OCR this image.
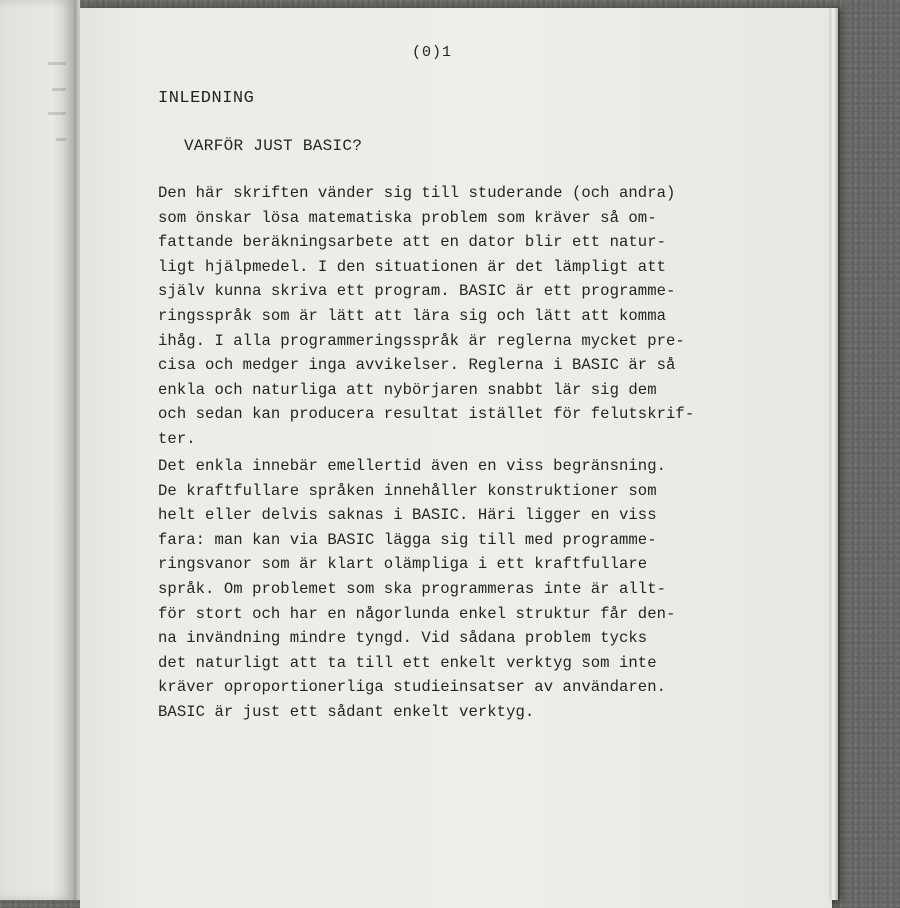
(0)1
INLEDNING
VARFÖR JUST BASIC?
Den här skriften vänder sig till studerande (och andra)
som önskar lösa matematiska problem som kräver så om-
fattande beräkningsarbete att en dator blir ett natur-
ligt hjälpmedel. I den situationen är det lämpligt att
själv kunna skriva ett program. BASIC är ett programme-
ringsspråk som är lätt att lära sig och lätt att komma
ihåg. I alla programmeringsspråk är reglerna mycket pre-
cisa och medger inga avvikelser. Reglerna i BASIC är så
enkla och naturliga att nybörjaren snabbt lär sig dem
och sedan kan producera resultat istället för felutskrif-
ter.
Det enkla innebär emellertid även en viss begränsning.
De kraftfullare språken innehåller konstruktioner som
helt eller delvis saknas i BASIC. Häri ligger en viss
fara: man kan via BASIC lägga sig till med programme-
ringsvanor som är klart olämpliga i ett kraftfullare
språk. Om problemet som ska programmeras inte är allt-
för stort och har en någorlunda enkel struktur får den-
na invändning mindre tyngd. Vid sådana problem tycks
det naturligt att ta till ett enkelt verktyg som inte
kräver oproportionerliga studieinsatser av användaren.
BASIC är just ett sådant enkelt verktyg.
